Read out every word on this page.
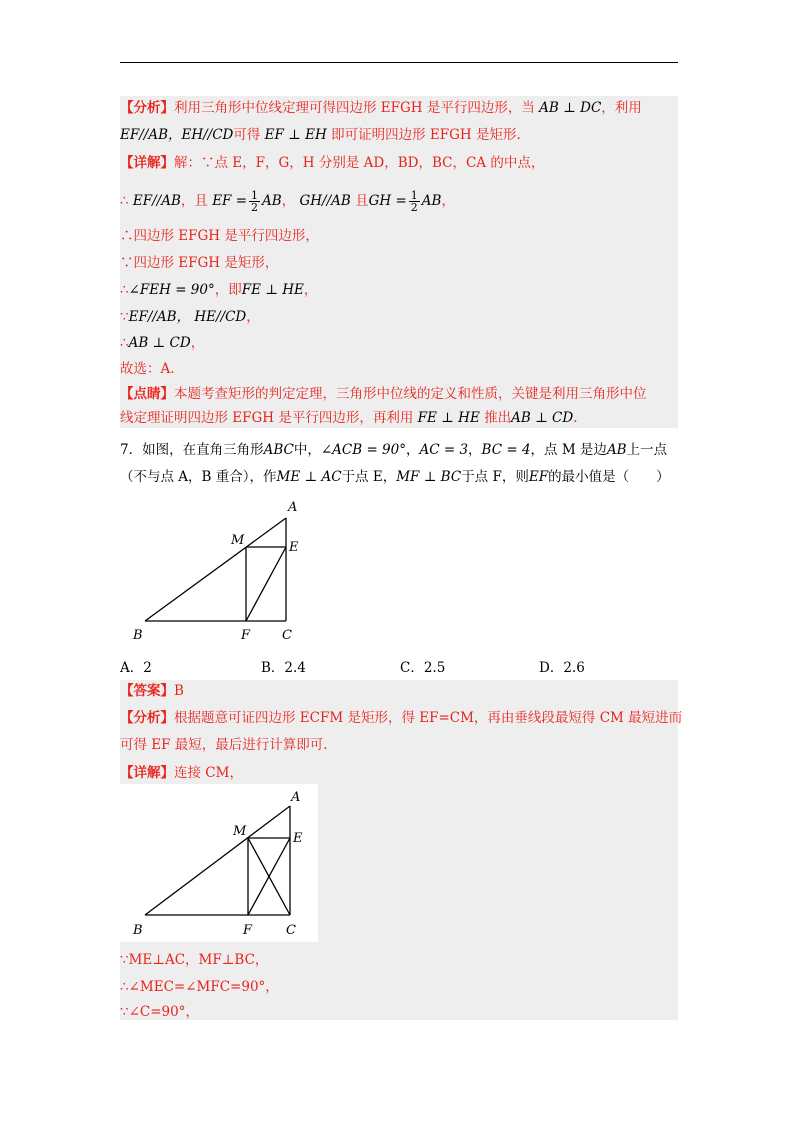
【分析】利用三角形中位线定理可得四边形 EFGH 是平行四边形，当 AB ⊥ DC，利用
EF//AB，EH//CD可得 EF ⊥ EH 即可证明四边形 EFGH 是矩形.
【详解】解：∵点 E，F，G，H 分别是 AD，BD，BC，CA 的中点，
∴ EF//AB，且 EF = $\frac{1}{2}$ AB， GH//AB 且GH = $\frac{1}{2}$ AB，
∴四边形 EFGH 是平行四边形，
∵四边形 EFGH 是矩形，
∴∠FEH = 90°，即FE ⊥ HE，
∵EF//AB， HE//CD，
∴AB ⊥ CD，
故选：A.
【点睛】本题考查矩形的判定定理，三角形中位线的定义和性质，关键是利用三角形中位
线定理证明四边形 EFGH 是平行四边形，再利用 FE ⊥ HE 推出AB ⊥ CD.
7．如图，在直角三角形ABC中，∠ACB = 90°，AC = 3，BC = 4，点 M 是边AB上一点
（不与点 A，B 重合），作ME ⊥ AC于点 E，MF ⊥ BC于点 F，则EF的最小值是（　　）
A
M	E
B	F C
A．2	B．2.4	C．2.5	D．2.6
【答案】B
【分析】根据题意可证四边形 ECFM 是矩形，得 EF=CM，再由垂线段最短得 CM 最短进而
可得 EF 最短，最后进行计算即可.
【详解】连接 CM，
A
M	E
B	F	C
∵ME⊥AC，MF⊥BC，
∴∠MEC=∠MFC=90°，
∵∠C=90°，
